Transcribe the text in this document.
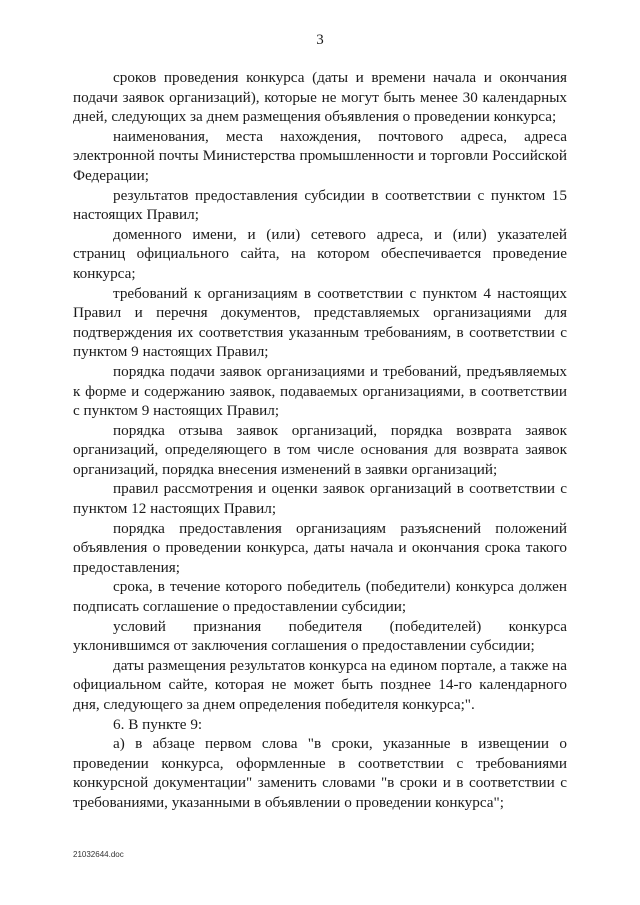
3

сроков проведения конкурса (даты и времени начала и окончания подачи заявок организаций), которые не могут быть менее 30 календарных дней, следующих за днем размещения объявления о проведении конкурса;

наименования, места нахождения, почтового адреса, адреса электронной почты Министерства промышленности и торговли Российской Федерации;

результатов предоставления субсидии в соответствии с пунктом 15 настоящих Правил;

доменного имени, и (или) сетевого адреса, и (или) указателей страниц официального сайта, на котором обеспечивается проведение конкурса;

требований к организациям в соответствии с пунктом 4 настоящих Правил и перечня документов, представляемых организациями для подтверждения их соответствия указанным требованиям, в соответствии с пунктом 9 настоящих Правил;

порядка подачи заявок организациями и требований, предъявляемых к форме и содержанию заявок, подаваемых организациями, в соответствии с пунктом 9 настоящих Правил;

порядка отзыва заявок организаций, порядка возврата заявок организаций, определяющего в том числе основания для возврата заявок организаций, порядка внесения изменений в заявки организаций;

правил рассмотрения и оценки заявок организаций в соответствии с пунктом 12 настоящих Правил;

порядка предоставления организациям разъяснений положений объявления о проведении конкурса, даты начала и окончания срока такого предоставления;

срока, в течение которого победитель (победители) конкурса должен подписать соглашение о предоставлении субсидии;

условий признания победителя (победителей) конкурса уклонившимся от заключения соглашения о предоставлении субсидии;

даты размещения результатов конкурса на едином портале, а также на официальном сайте, которая не может быть позднее 14-го календарного дня, следующего за днем определения победителя конкурса;".

6. В пункте 9:

а) в абзаце первом слова "в сроки, указанные в извещении о проведении конкурса, оформленные в соответствии с требованиями конкурсной документации" заменить словами "в сроки и в соответствии с требованиями, указанными в объявлении о проведении конкурса";

21032644.doc
